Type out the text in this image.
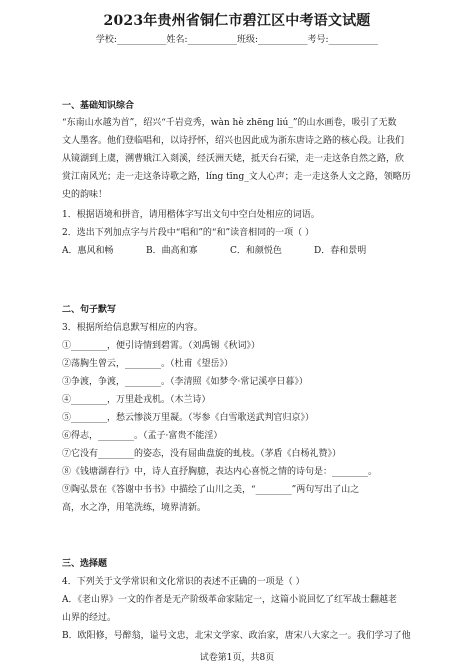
2023年贵州省铜仁市碧江区中考语文试题
学校:___________姓名:___________班级:___________考号:___________
一、基础知识综合
“东南山水越为首”，绍兴“千岩竞秀，wàn hè zhēng liú_”的山水画卷，吸引了无数
文人墨客。他们登临唱和，以诗抒怀，绍兴也因此成为浙东唐诗之路的核心段。让我们
从镜湖到上虞，溯曹娥江入剡溪，经沃洲天姥，抵天台石梁，走一走这条自然之路，欣
赏江南风光；走一走这条诗歌之路，líng tīng_文人心声；走一走这条人文之路，领略历
史的韵味！
1．根据语境和拼音，请用楷体字写出文句中空白处相应的词语。
2．选出下列加点字与片段中“唱和”的“和”读音相同的一项（ ）
A．惠风和畅	B．曲高和寡	C．和颜悦色	D．春和景明
二、句子默写
3．根据所给信息默写相应的内容。
①________，便引诗情到碧霄。（刘禹锡《秋词》）
②荡胸生曾云，________。（杜甫《望岳》）
③争渡，争渡，________。（李清照《如梦令·常记溪亭日暮》）
④________，万里赴戎机。（木兰诗）
⑤________，愁云惨淡万里凝。（岑参《白雪歌送武判官归京》）
⑥得志，________。（孟子·富贵不能淫）
⑦它没有________的姿态，没有屈曲盘旋的虬枝。（茅盾《白杨礼赞》）
⑧《钱塘湖春行》中，诗人直抒胸臆，表达内心喜悦之情的诗句是：________。
⑨陶弘景在《答谢中书书》中描绘了山川之美，“________”两句写出了山之
高，水之净，用笔洗练，境界清新。
三、选择题
4．下列关于文学常识和文化常识的表述不正确的一项是（ ）
A．《老山界》一文的作者是无产阶级革命家陆定一，这篇小说回忆了红军战士翻越老
山界的经过。
B．欧阳修，号醉翁，谥号文忠，北宋文学家、政治家，唐宋八大家之一。我们学习了他
试卷第1页，共8页
